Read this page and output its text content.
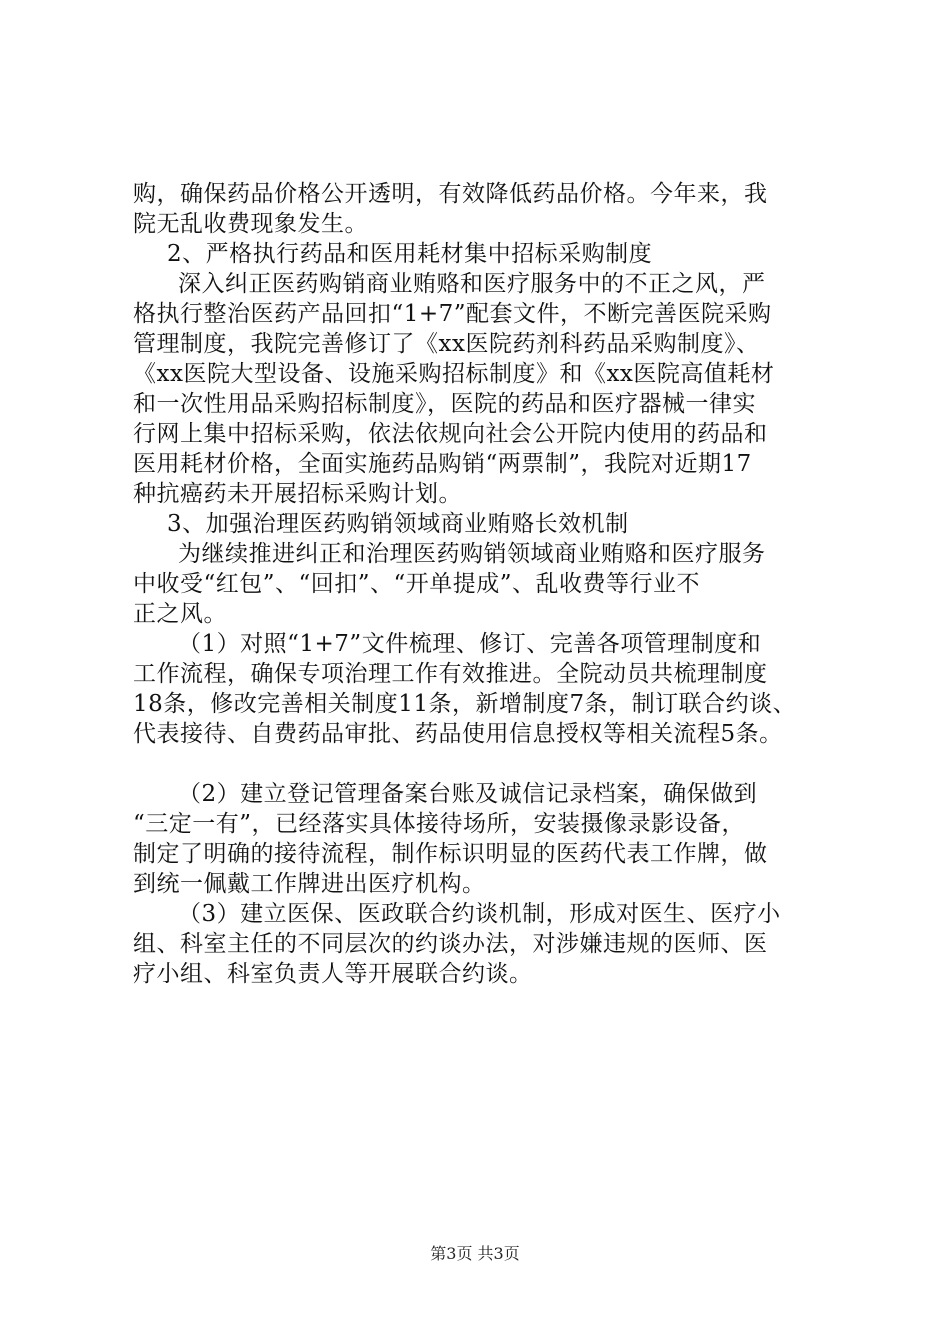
购，确保药品价格公开透明，有效降低药品价格。今年来，我
院无乱收费现象发生。
2、严格执行药品和医用耗材集中招标采购制度
深入纠正医药购销商业贿赂和医疗服务中的不正之风，严
格执行整治医药产品回扣“1+7”配套文件，不断完善医院采购
管理制度，我院完善修订了《xx医院药剂科药品采购制度》、
《xx医院大型设备、设施采购招标制度》和《xx医院高值耗材
和一次性用品采购招标制度》，医院的药品和医疗器械一律实
行网上集中招标采购，依法依规向社会公开院内使用的药品和
医用耗材价格，全面实施药品购销“两票制”，我院对近期17
种抗癌药未开展招标采购计划。
3、加强治理医药购销领域商业贿赂长效机制
为继续推进纠正和治理医药购销领域商业贿赂和医疗服务
中收受“红包”、“回扣”、“开单提成”、乱收费等行业不
正之风。
（1）对照“1+7”文件梳理、修订、完善各项管理制度和
工作流程，确保专项治理工作有效推进。全院动员共梳理制度
18条，修改完善相关制度11条，新增制度7条，制订联合约谈、
代表接待、自费药品审批、药品使用信息授权等相关流程5条。
（2）建立登记管理备案台账及诚信记录档案，确保做到
“三定一有”，已经落实具体接待场所，安装摄像录影设备，
制定了明确的接待流程，制作标识明显的医药代表工作牌，做
到统一佩戴工作牌进出医疗机构。
（3）建立医保、医政联合约谈机制，形成对医生、医疗小
组、科室主任的不同层次的约谈办法，对涉嫌违规的医师、医
疗小组、科室负责人等开展联合约谈。
第3页 共3页
